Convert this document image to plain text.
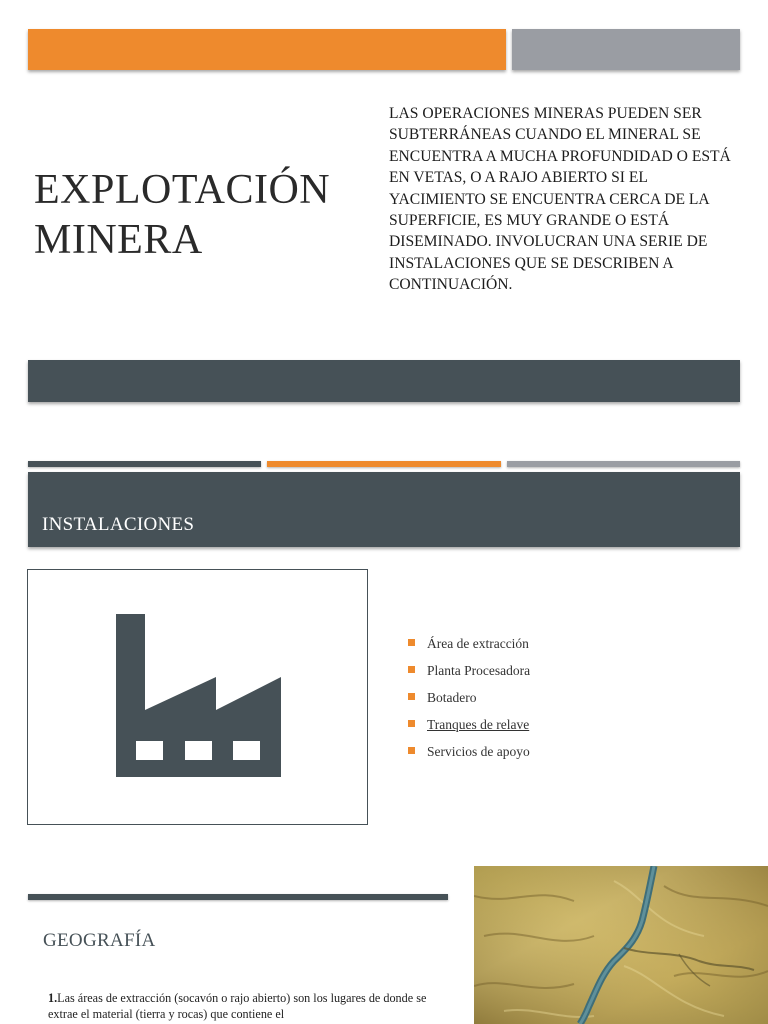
EXPLOTACIÓN
MINERA
LAS OPERACIONES MINERAS PUEDEN SER SUBTERRÁNEAS CUANDO EL MINERAL SE ENCUENTRA A MUCHA PROFUNDIDAD O ESTÁ EN VETAS, O A RAJO ABIERTO SI EL YACIMIENTO SE ENCUENTRA CERCA DE LA SUPERFICIE, ES MUY GRANDE O ESTÁ DISEMINADO. INVOLUCRAN UNA SERIE DE INSTALACIONES QUE SE DESCRIBEN A CONTINUACIÓN.
INSTALACIONES
Área de extracción
Planta Procesadora
Botadero
Tranques de relave
Servicios de apoyo
GEOGRAFÍA
1.Las áreas de extracción (socavón o rajo abierto) son los lugares de donde se extrae el material (tierra y rocas) que contiene el
